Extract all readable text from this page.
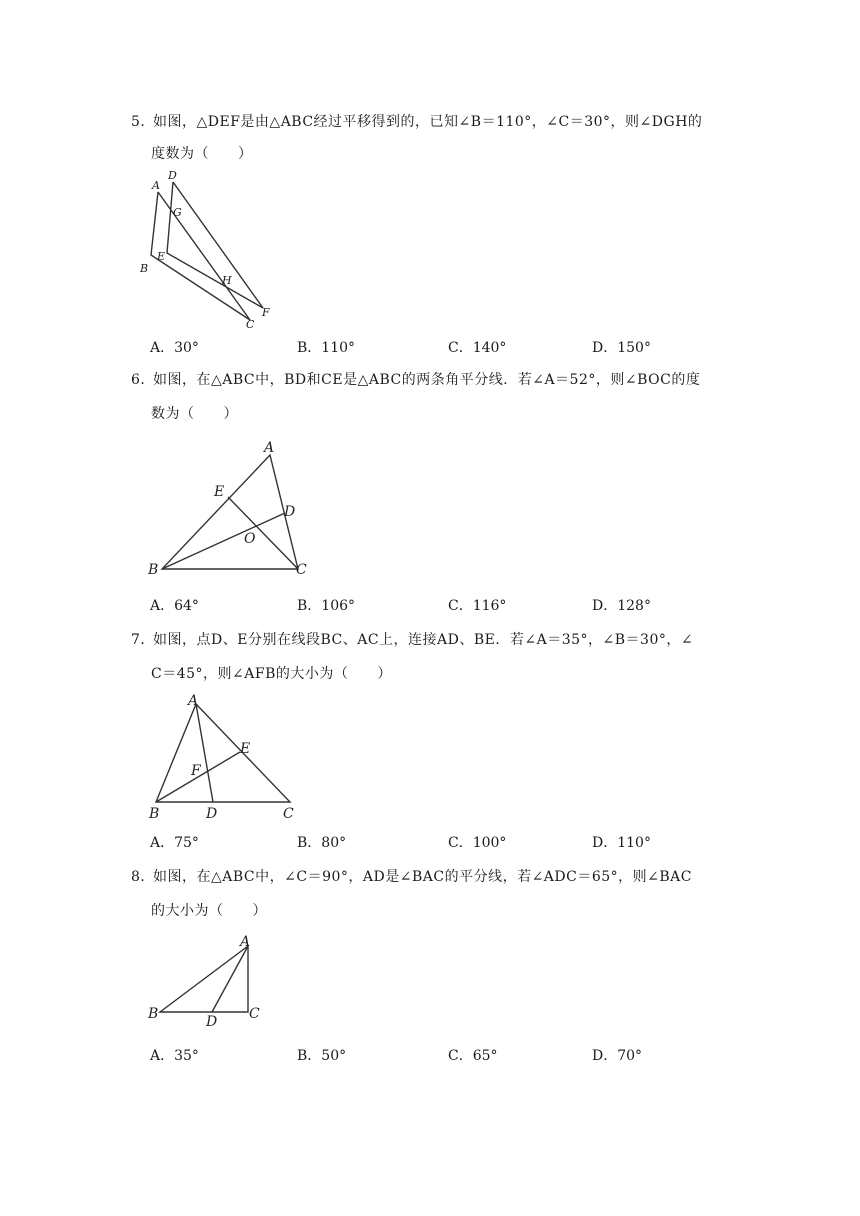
5．
如图，△DEF是由△ABC经过平移得到的，已知∠B＝110°，∠C＝30°，则∠DGH的
度数为（　　）
A
D
G
B
E
H
F
C
A．30°	B．110°	C．140°	D．150°
6．
如图，在△ABC中，BD和CE是△ABC的两条角平分线．若∠A＝52°，则∠BOC的度
数为（　　）
A
E
D
O
B	C
A．64°	B．106°	C．116°	D．128°
7．
如图，点D、E分别在线段BC、AC上，连接AD、BE．若∠A＝35°，∠B＝30°，∠
C＝45°，则∠AFB的大小为（　　）
A
E
F
B	D	C
A．75°	B．80°	C．100°	D．110°
8．
如图，在△ABC中，∠C＝90°，AD是∠BAC的平分线，若∠ADC＝65°，则∠BAC
的大小为（　　）
A
B	D C
A．35°	B．50°	C．65°	D．70°
